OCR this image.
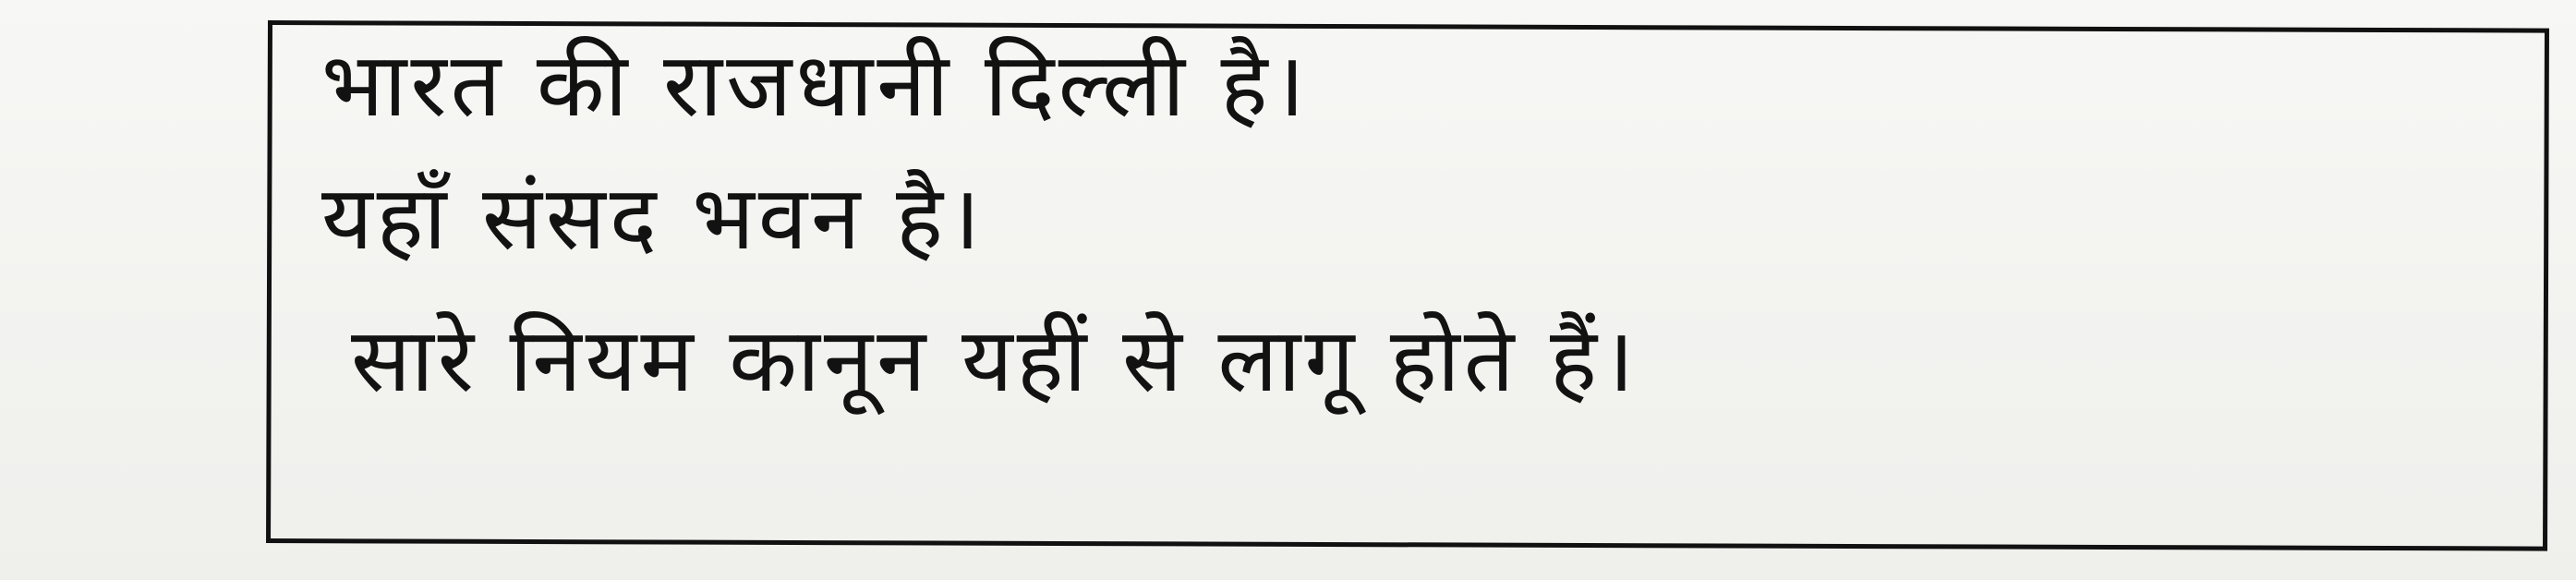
भारत की राजधानी दिल्ली है।
यहाँ संसद भवन है।
सारे नियम कानून यहीं से लागू होते हैं।
